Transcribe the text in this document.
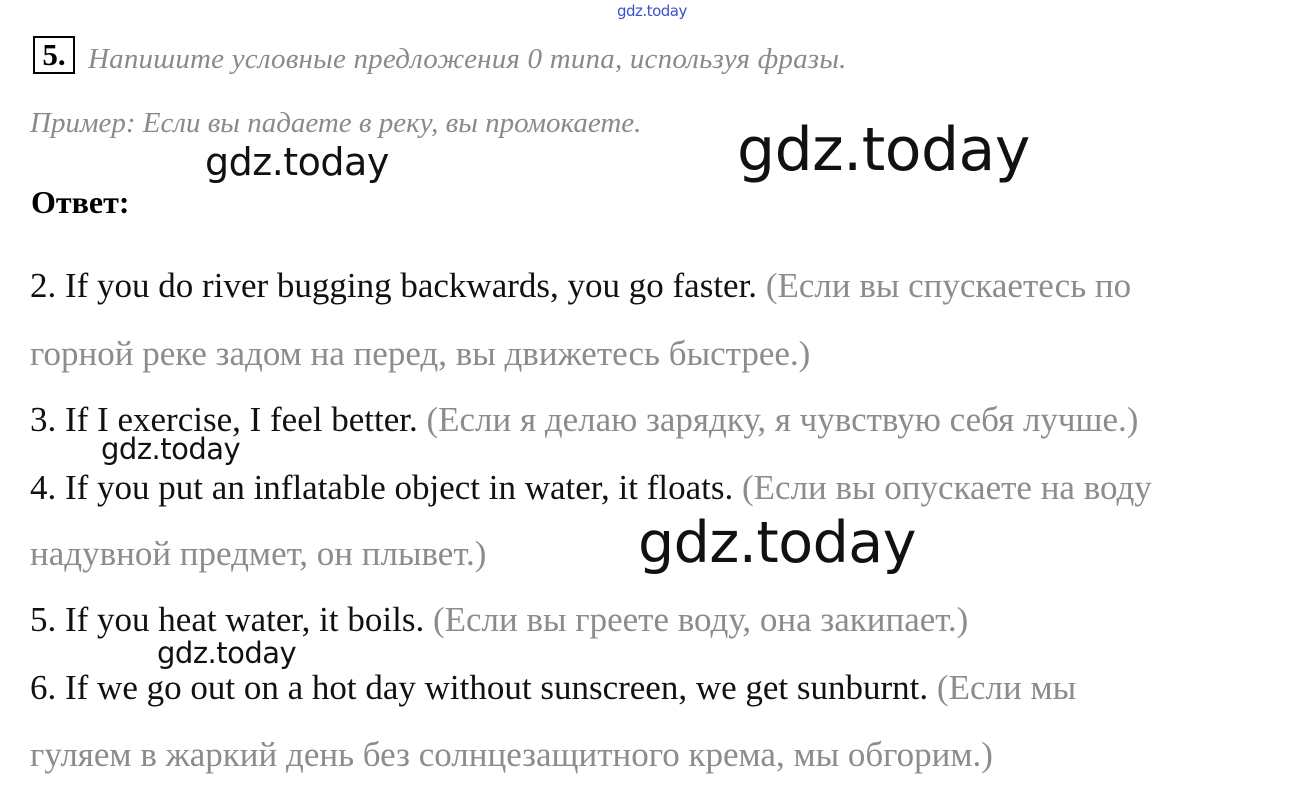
gdz.today
5. Напишите условные предложения 0 типа, используя фразы.
Пример: Если вы падаете в реку, вы промокаете.
gdz.today	gdz.today
Ответ:
2. If you do river bugging backwards, you go faster. (Если вы спускаетесь по
горной реке задом на перед, вы движетесь быстрее.)
3. If I exercise, I feel better. (Если я делаю зарядку, я чувствую себя лучше.)
gdz.today
4. If you put an inflatable object in water, it floats. (Если вы опускаете на воду
надувной предмет, он плывет.)	gdz.today
5. If you heat water, it boils. (Если вы греете воду, она закипает.)
gdz.today
6. If we go out on a hot day without sunscreen, we get sunburnt. (Если мы
гуляем в жаркий день без солнцезащитного крема, мы обгорим.)
